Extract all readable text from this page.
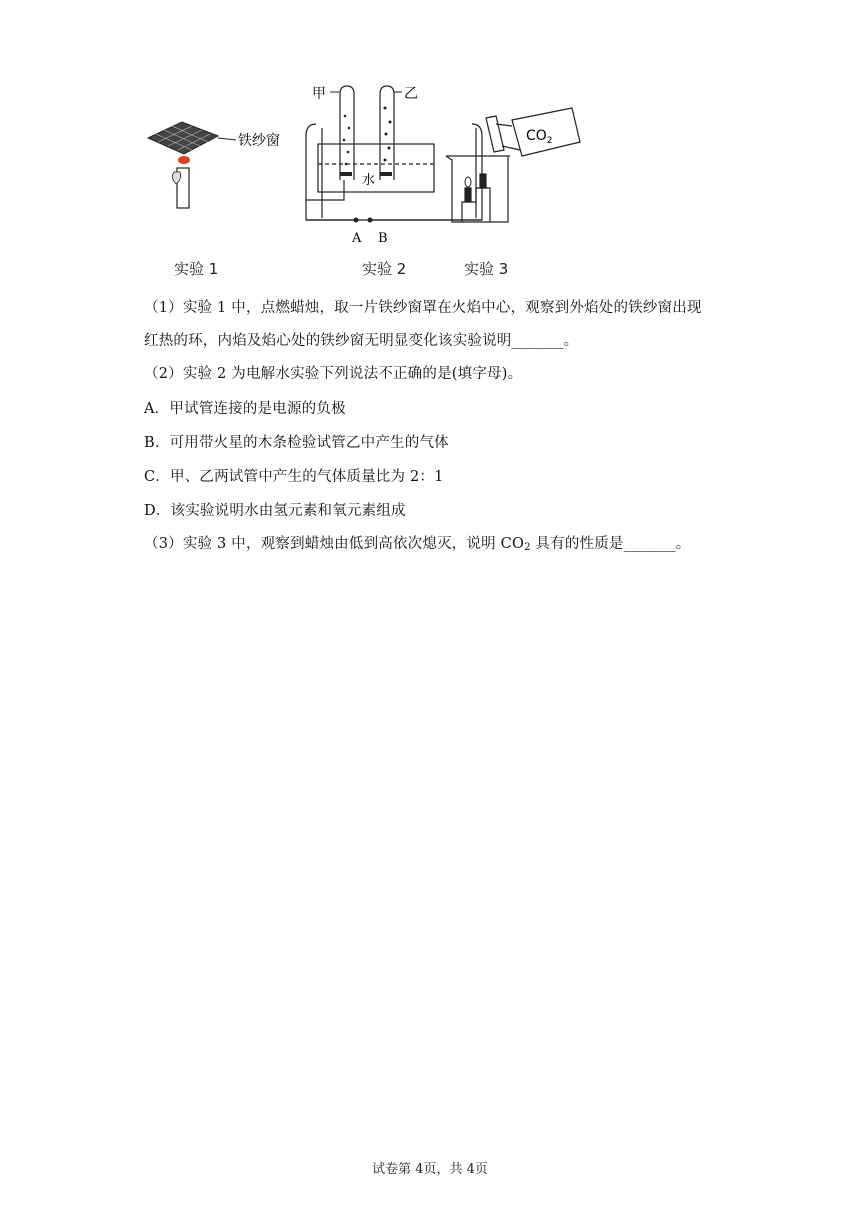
铁纱窗
甲	乙
水
A B
$CO_2$
实验 1	实验 2	实验 3
（1）实验 1 中，点燃蜡烛，取一片铁纱窗罩在火焰中心，观察到外焰处的铁纱窗出现
红热的环，内焰及焰心处的铁纱窗无明显变化该实验说明_______。
（2）实验 2 为电解水实验下列说法不正确的是(填字母)。
A．甲试管连接的是电源的负极
B．可用带火星的木条检验试管乙中产生的气体
C．甲、乙两试管中产生的气体质量比为 2：1
D．该实验说明水由氢元素和氧元素组成
（3）实验 3 中，观察到蜡烛由低到高依次熄灭，说明 $CO_2$ 具有的性质是_______。
试卷第 4页，共 4页
